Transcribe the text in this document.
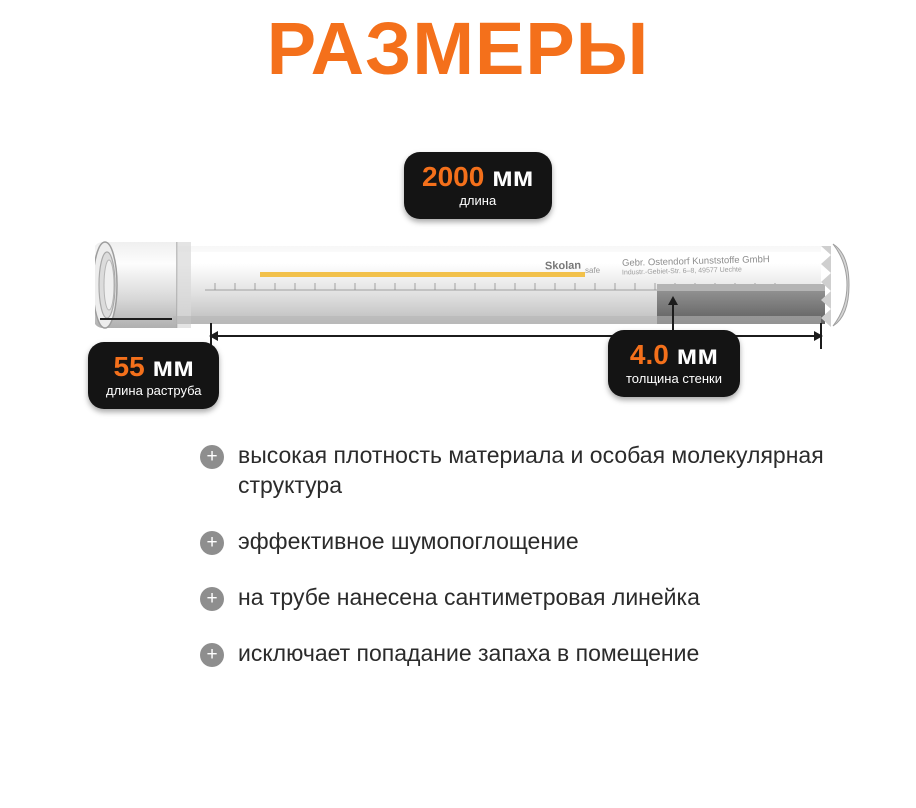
РАЗМЕРЫ
Skolan safe
Gebr. Ostendorf Kunststoffe GmbH
Industr.-Gebiet-Str. 6–8, 49577 Uechte
2000 мм
длина
55 мм
длина раструба
4.0 мм
толщина стенки
+ высокая плотность материала и особая молекулярная структура
+ эффективное шумопоглощение
+ на трубе нанесена сантиметровая линейка
+ исключает попадание запаха в помещение
